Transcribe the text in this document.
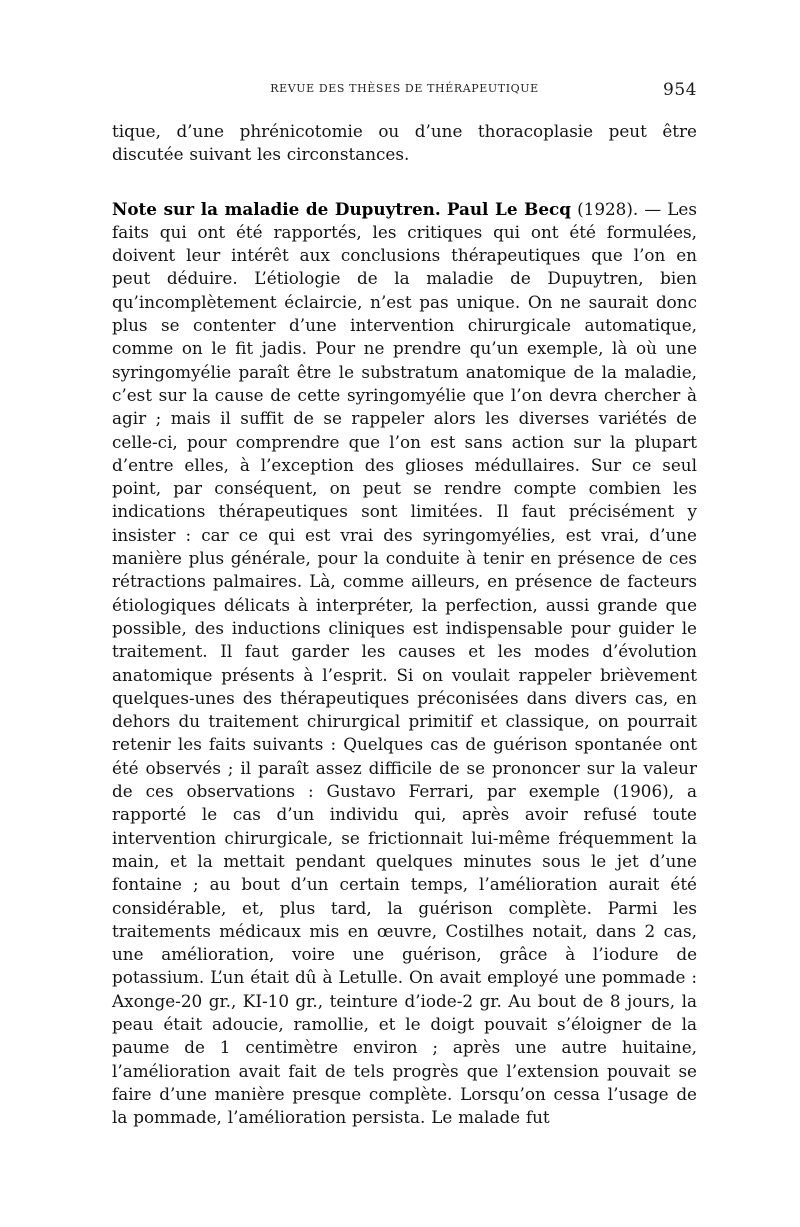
REVUE DES THÈSES DE THÉRAPEUTIQUE	954

tique, d’une phrénicotomie ou d’une thoracoplasie peut être discutée suivant les circonstances.

Note sur la maladie de Dupuytren. Paul Le Becq (1928). — Les faits qui ont été rapportés, les critiques qui ont été formulées, doivent leur intérêt aux conclusions thérapeutiques que l’on en peut déduire. L’étiologie de la maladie de Dupuytren, bien qu’incomplètement éclaircie, n’est pas unique. On ne saurait donc plus se contenter d’une intervention chirurgicale automatique, comme on le fit jadis. Pour ne prendre qu’un exemple, là où une syringomyélie paraît être le substratum anatomique de la maladie, c’est sur la cause de cette syringomyélie que l’on devra chercher à agir ; mais il suffit de se rappeler alors les diverses variétés de celle-ci, pour comprendre que l’on est sans action sur la plupart d’entre elles, à l’exception des glioses médullaires. Sur ce seul point, par conséquent, on peut se rendre compte combien les indications thérapeutiques sont limitées. Il faut précisément y insister : car ce qui est vrai des syringomyélies, est vrai, d’une manière plus générale, pour la conduite à tenir en présence de ces rétractions palmaires. Là, comme ailleurs, en présence de facteurs étiologiques délicats à interpréter, la perfection, aussi grande que possible, des inductions cliniques est indispensable pour guider le traitement. Il faut garder les causes et les modes d’évolution anatomique présents à l’esprit. Si on voulait rappeler brièvement quelques-unes des thérapeutiques préconisées dans divers cas, en dehors du traitement chirurgical primitif et classique, on pourrait retenir les faits suivants : Quelques cas de guérison spontanée ont été observés ; il paraît assez difficile de se prononcer sur la valeur de ces observations : Gustavo Ferrari, par exemple (1906), a rapporté le cas d’un individu qui, après avoir refusé toute intervention chirurgicale, se frictionnait lui-même fréquemment la main, et la mettait pendant quelques minutes sous le jet d’une fontaine ; au bout d’un certain temps, l’amélioration aurait été considérable, et, plus tard, la guérison complète. Parmi les traitements médicaux mis en œuvre, Costilhes notait, dans 2 cas, une amélioration, voire une guérison, grâce à l’iodure de potassium. L’un était dû à Letulle. On avait employé une pommade : Axonge-20 gr., KI-10 gr., teinture d’iode-2 gr. Au bout de 8 jours, la peau était adoucie, ramollie, et le doigt pouvait s’éloigner de la paume de 1 centimètre environ ; après une autre huitaine, l’amélioration avait fait de tels progrès que l’extension pouvait se faire d’une manière presque complète. Lorsqu’on cessa l’usage de la pommade, l’amélioration persista. Le malade fut
